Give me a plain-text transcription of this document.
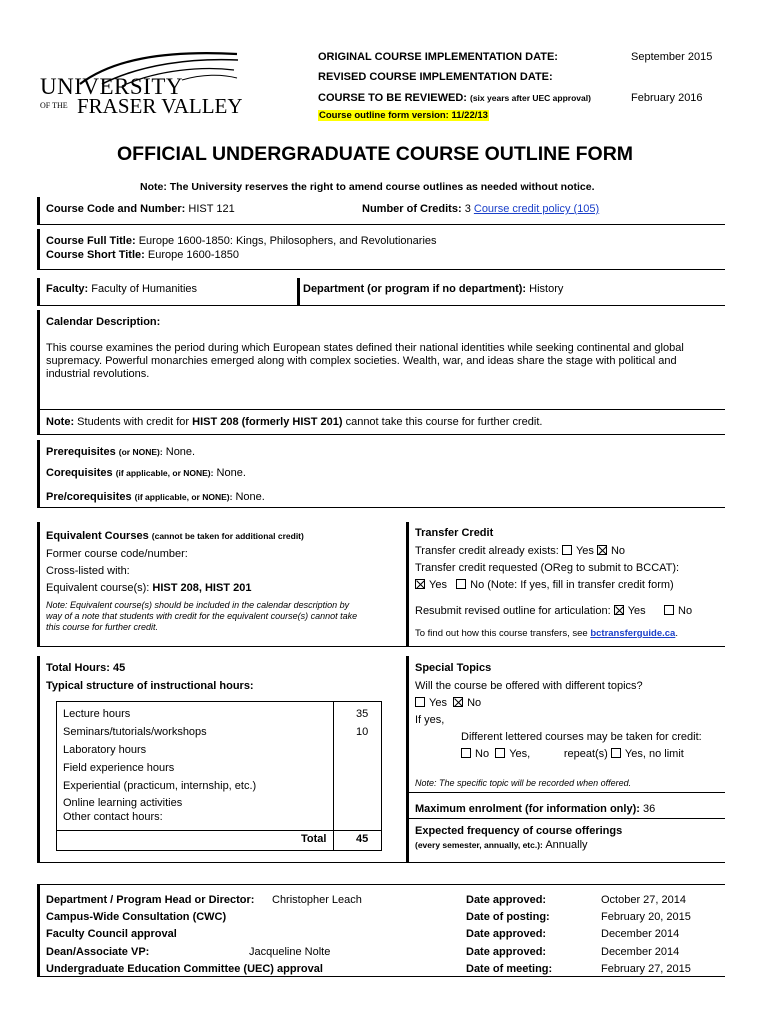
UNIVERSITY
OF THE FRASER VALLEY
ORIGINAL COURSE IMPLEMENTATION DATE:	September 2015
REVISED COURSE IMPLEMENTATION DATE:
COURSE TO BE REVIEWED: (six years after UEC approval)	February 2016
Course outline form version: 11/22/13
OFFICIAL UNDERGRADUATE COURSE OUTLINE FORM
Note: The University reserves the right to amend course outlines as needed without notice.
Course Code and Number: HIST 121	Number of Credits: 3 Course credit policy (105)
Course Full Title: Europe 1600-1850: Kings, Philosophers, and Revolutionaries
Course Short Title: Europe 1600-1850
Faculty: Faculty of Humanities	Department (or program if no department): History
Calendar Description:
This course examines the period during which European states defined their national identities while seeking continental and global
supremacy. Powerful monarchies emerged along with complex societies. Wealth, war, and ideas share the stage with political and
industrial revolutions.
Note: Students with credit for HIST 208 (formerly HIST 201) cannot take this course for further credit.
Prerequisites (or NONE): None.
Corequisites (if applicable, or NONE): None.
Pre/corequisites (if applicable, or NONE): None.
Equivalent Courses (cannot be taken for additional credit)
Former course code/number:
Cross-listed with:
Equivalent course(s): HIST 208, HIST 201
Note: Equivalent course(s) should be included in the calendar description by
way of a note that students with credit for the equivalent course(s) cannot take
this course for further credit.
Transfer Credit
Transfer credit already exists: Yes No
Transfer credit requested (OReg to submit to BCCAT):
Yes No (Note: If yes, fill in transfer credit form)
Resubmit revised outline for articulation: Yes	No
To find out how this course transfers, see bctransferguide.ca.
Total Hours: 45
Typical structure of instructional hours:
Lecture hours	35
Seminars/tutorials/workshops	10
Laboratory hours
Field experience hours
Experiential (practicum, internship, etc.)
Online learning activities
Other contact hours:
Total	45
Special Topics
Will the course be offered with different topics?
Yes No
If yes,
Different lettered courses may be taken for credit:
No Yes,	repeat(s) Yes, no limit
Note: The specific topic will be recorded when offered.
Maximum enrolment (for information only): 36
Expected frequency of course offerings
(every semester, annually, etc.): Annually
Department / Program Head or Director: Christopher Leach	Date approved:	October 27, 2014
Campus-Wide Consultation (CWC)	Date of posting:	February 20, 2015
Faculty Council approval	Date approved:	December 2014
Dean/Associate VP:	Jacqueline Nolte	Date approved:	December 2014
Undergraduate Education Committee (UEC) approval	Date of meeting:	February 27, 2015
